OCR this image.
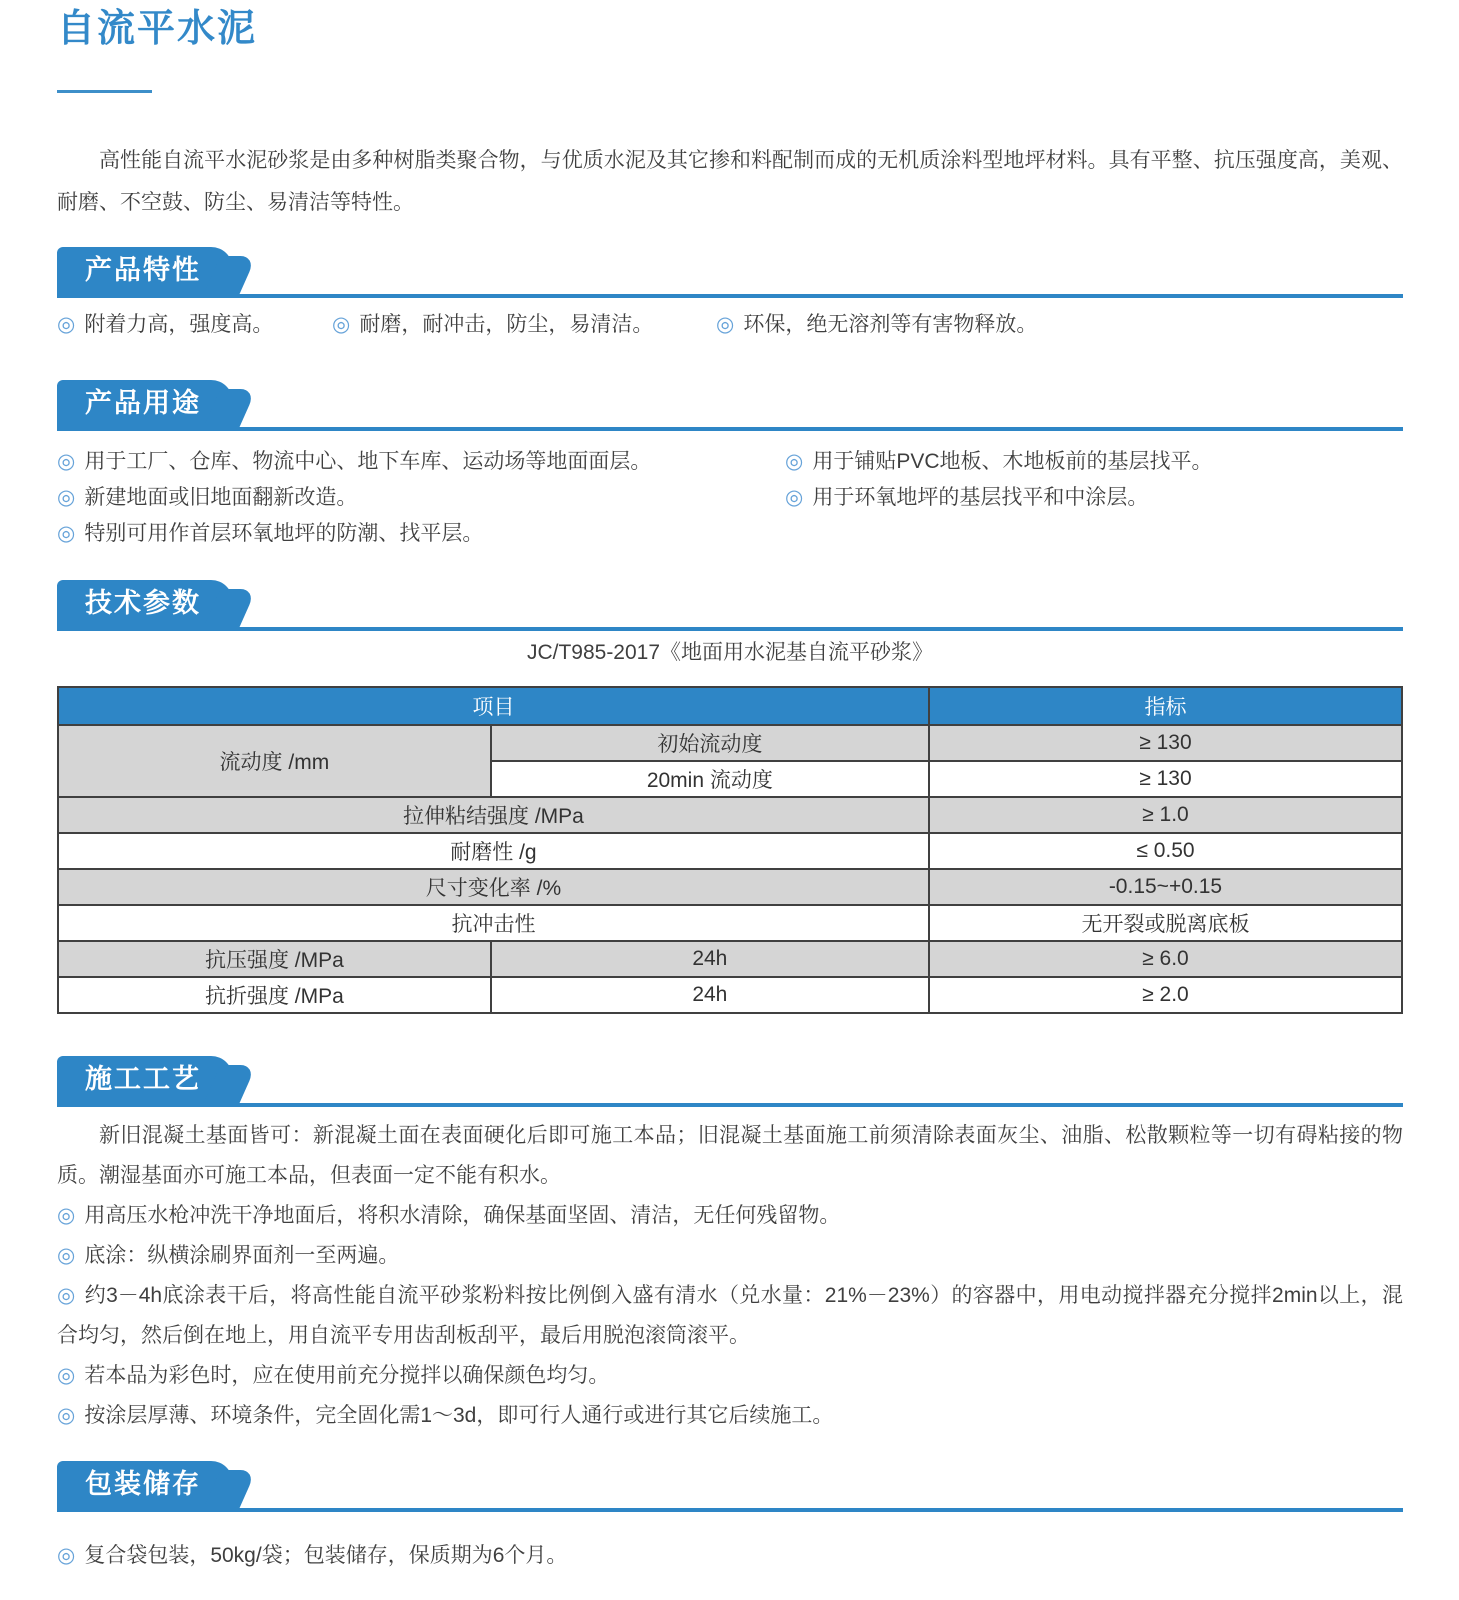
自流平水泥

高性能自流平水泥砂浆是由多种树脂类聚合物，与优质水泥及其它掺和料配制而成的无机质涂料型地坪材料。具有平整、抗压强度高，美观、耐磨、不空鼓、防尘、易清洁等特性。

产品特性

◎ 附着力高，强度高。	◎ 耐磨，耐冲击，防尘，易清洁。	◎ 环保，绝无溶剂等有害物释放。

产品用途

◎ 用于工厂、仓库、物流中心、地下车库、运动场等地面面层。

◎ 新建地面或旧地面翻新改造。

◎ 特别可用作首层环氧地坪的防潮、找平层。

◎ 用于铺贴PVC地板、木地板前的基层找平。

◎ 用于环氧地坪的基层找平和中涂层。

技术参数

JC/T985-2017《地面用水泥基自流平砂浆》

项目		指标
流动度 /mm	初始流动度	≥ 130
	20min 流动度	≥ 130
拉伸粘结强度 /MPa		≥ 1.0
耐磨性 /g		≤ 0.50
尺寸变化率 /%		-0.15~+0.15
抗冲击性		无开裂或脱离底板
抗压强度 /MPa	24h	≥ 6.0
抗折强度 /MPa	24h	≥ 2.0
施工工艺

新旧混凝土基面皆可：新混凝土面在表面硬化后即可施工本品；旧混凝土基面施工前须清除表面灰尘、油脂、松散颗粒等一切有碍粘接的物质。潮湿基面亦可施工本品，但表面一定不能有积水。

◎ 用高压水枪冲洗干净地面后，将积水清除，确保基面坚固、清洁，无任何残留物。

◎ 底涂：纵横涂刷界面剂一至两遍。

◎ 约3－4h底涂表干后，将高性能自流平砂浆粉料按比例倒入盛有清水（兑水量：21%－23%）的容器中，用电动搅拌器充分搅拌2min以上，混合均匀，然后倒在地上，用自流平专用齿刮板刮平，最后用脱泡滚筒滚平。

◎ 若本品为彩色时，应在使用前充分搅拌以确保颜色均匀。

◎ 按涂层厚薄、环境条件，完全固化需1～3d，即可行人通行或进行其它后续施工。

包装储存

◎ 复合袋包装，50kg/袋；包装储存，保质期为6个月。
